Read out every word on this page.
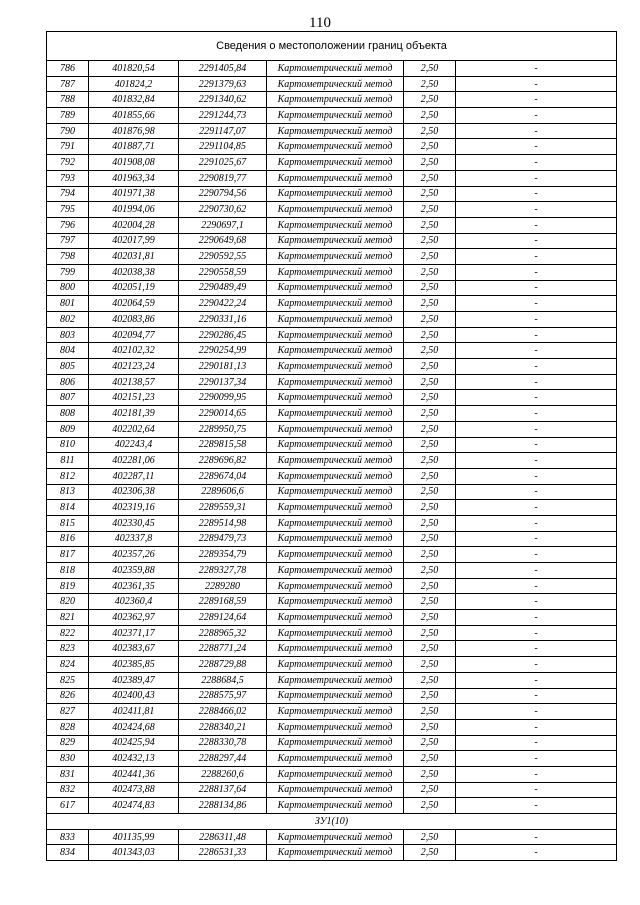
110
Сведения о местоположении границ объекта					
786	401820,54	2291405,84	Картометрический метод	2,50	-
787	401824,2	2291379,63	Картометрический метод	2,50	-
788	401832,84	2291340,62	Картометрический метод	2,50	-
789	401855,66	2291244,73	Картометрический метод	2,50	-
790	401876,98	2291147,07	Картометрический метод	2,50	-
791	401887,71	2291104,85	Картометрический метод	2,50	-
792	401908,08	2291025,67	Картометрический метод	2,50	-
793	401963,34	2290819,77	Картометрический метод	2,50	-
794	401971,38	2290794,56	Картометрический метод	2,50	-
795	401994,06	2290730,62	Картометрический метод	2,50	-
796	402004,28	2290697,1	Картометрический метод	2,50	-
797	402017,99	2290649,68	Картометрический метод	2,50	-
798	402031,81	2290592,55	Картометрический метод	2,50	-
799	402038,38	2290558,59	Картометрический метод	2,50	-
800	402051,19	2290489,49	Картометрический метод	2,50	-
801	402064,59	2290422,24	Картометрический метод	2,50	-
802	402083,86	2290331,16	Картометрический метод	2,50	-
803	402094,77	2290286,45	Картометрический метод	2,50	-
804	402102,32	2290254,99	Картометрический метод	2,50	-
805	402123,24	2290181,13	Картометрический метод	2,50	-
806	402138,57	2290137,34	Картометрический метод	2,50	-
807	402151,23	2290099,95	Картометрический метод	2,50	-
808	402181,39	2290014,65	Картометрический метод	2,50	-
809	402202,64	2289950,75	Картометрический метод	2,50	-
810	402243,4	2289815,58	Картометрический метод	2,50	-
811	402281,06	2289696,82	Картометрический метод	2,50	-
812	402287,11	2289674,04	Картометрический метод	2,50	-
813	402306,38	2289606,6	Картометрический метод	2,50	-
814	402319,16	2289559,31	Картометрический метод	2,50	-
815	402330,45	2289514,98	Картометрический метод	2,50	-
816	402337,8	2289479,73	Картометрический метод	2,50	-
817	402357,26	2289354,79	Картометрический метод	2,50	-
818	402359,88	2289327,78	Картометрический метод	2,50	-
819	402361,35	2289280	Картометрический метод	2,50	-
820	402360,4	2289168,59	Картометрический метод	2,50	-
821	402362,97	2289124,64	Картометрический метод	2,50	-
822	402371,17	2288965,32	Картометрический метод	2,50	-
823	402383,67	2288771,24	Картометрический метод	2,50	-
824	402385,85	2288729,88	Картометрический метод	2,50	-
825	402389,47	2288684,5	Картометрический метод	2,50	-
826	402400,43	2288575,97	Картометрический метод	2,50	-
827	402411,81	2288466,02	Картометрический метод	2,50	-
828	402424,68	2288340,21	Картометрический метод	2,50	-
829	402425,94	2288330,78	Картометрический метод	2,50	-
830	402432,13	2288297,44	Картометрический метод	2,50	-
831	402441,36	2288260,6	Картометрический метод	2,50	-
832	402473,88	2288137,64	Картометрический метод	2,50	-
617	402474,83	2288134,86	Картометрический метод	2,50	-
ЗУ1(10)					
833	401135,99	2286311,48	Картометрический метод	2,50	-
834	401343,03	2286531,33	Картометрический метод	2,50	-
